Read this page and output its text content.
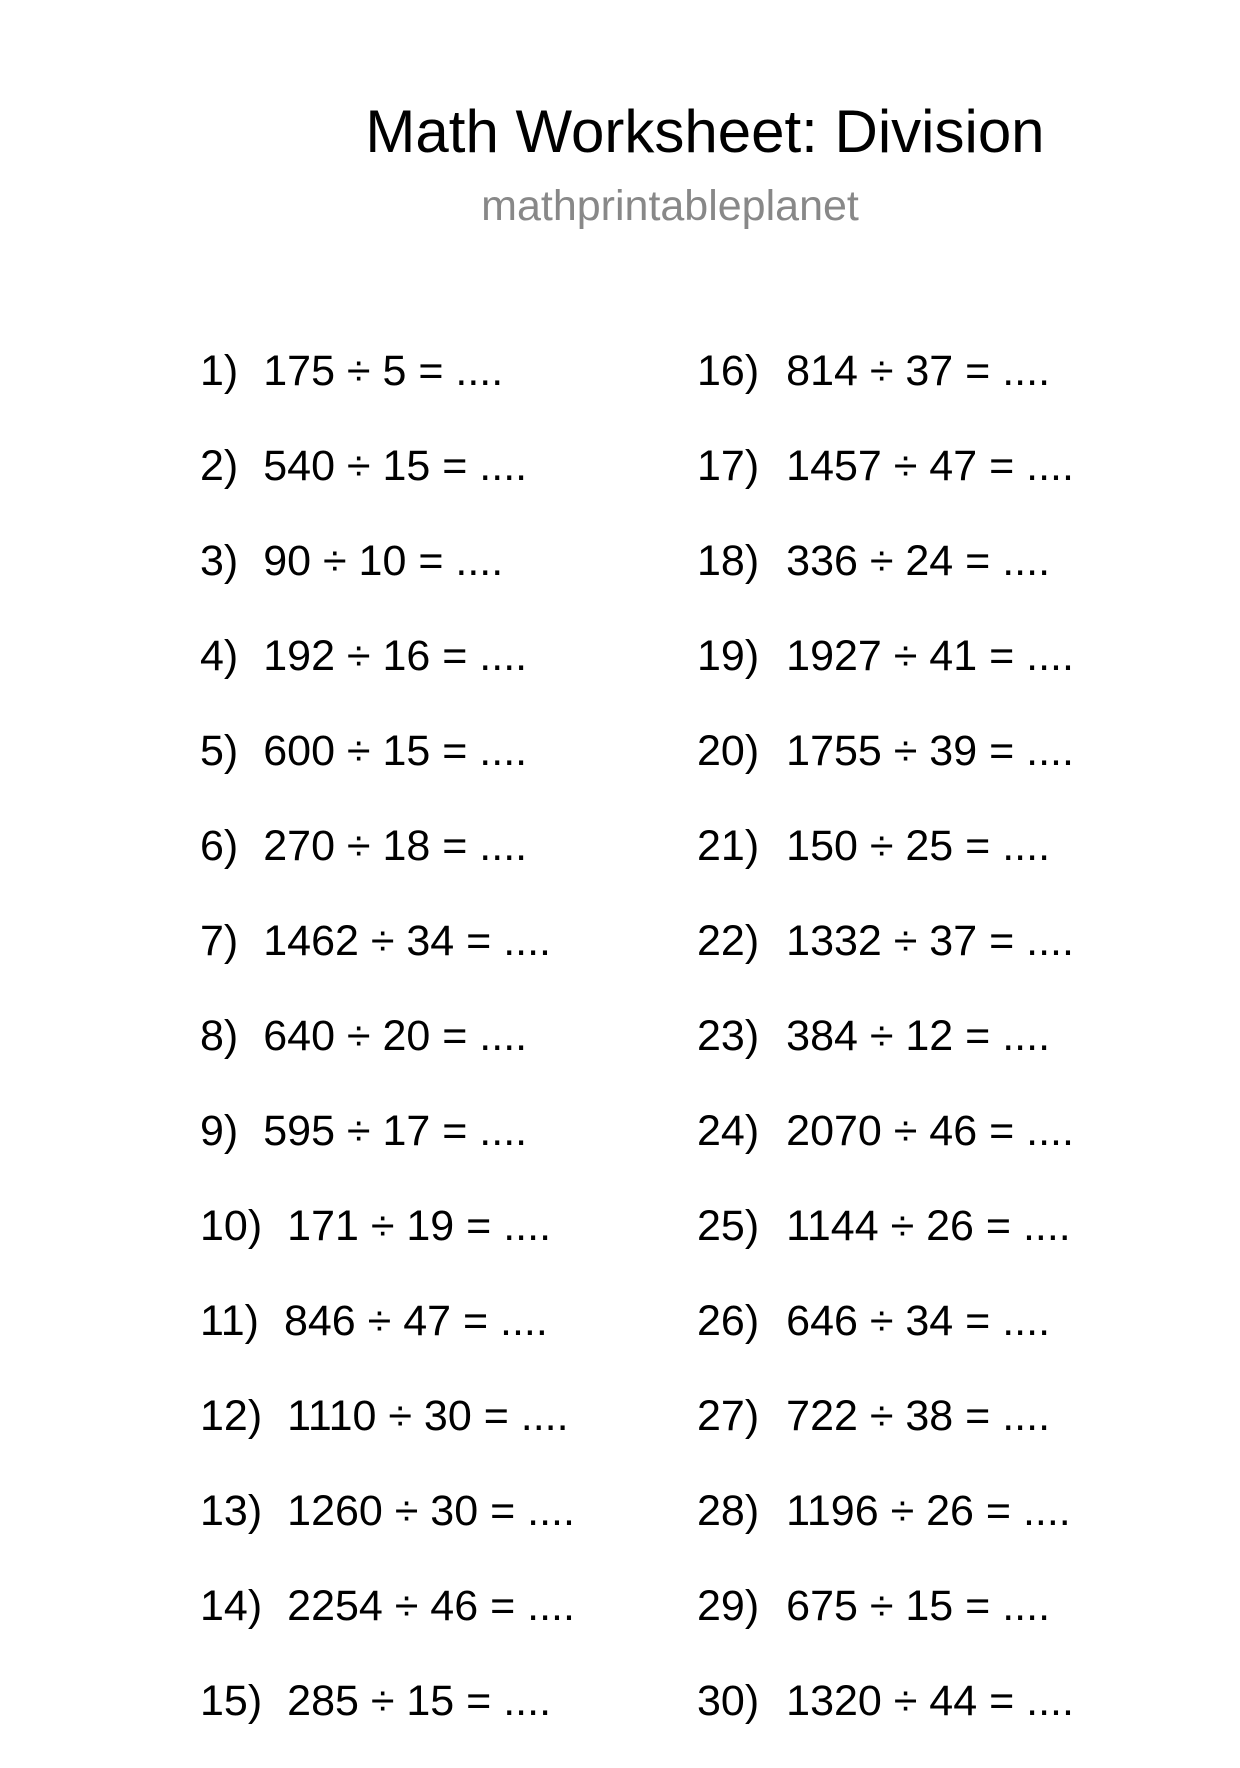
Math Worksheet: Division
mathprintableplanet
1) 175 ÷ 5 = ....
2) 540 ÷ 15 = ....
3) 90 ÷ 10 = ....
4) 192 ÷ 16 = ....
5) 600 ÷ 15 = ....
6) 270 ÷ 18 = ....
7) 1462 ÷ 34 = ....
8) 640 ÷ 20 = ....
9) 595 ÷ 17 = ....
10) 171 ÷ 19 = ....
11) 846 ÷ 47 = ....
12) 1110 ÷ 30 = ....
13) 1260 ÷ 30 = ....
14) 2254 ÷ 46 = ....
15) 285 ÷ 15 = ....
16) 814 ÷ 37 = ....
17) 1457 ÷ 47 = ....
18) 336 ÷ 24 = ....
19) 1927 ÷ 41 = ....
20) 1755 ÷ 39 = ....
21) 150 ÷ 25 = ....
22) 1332 ÷ 37 = ....
23) 384 ÷ 12 = ....
24) 2070 ÷ 46 = ....
25) 1144 ÷ 26 = ....
26) 646 ÷ 34 = ....
27) 722 ÷ 38 = ....
28) 1196 ÷ 26 = ....
29) 675 ÷ 15 = ....
30) 1320 ÷ 44 = ....
